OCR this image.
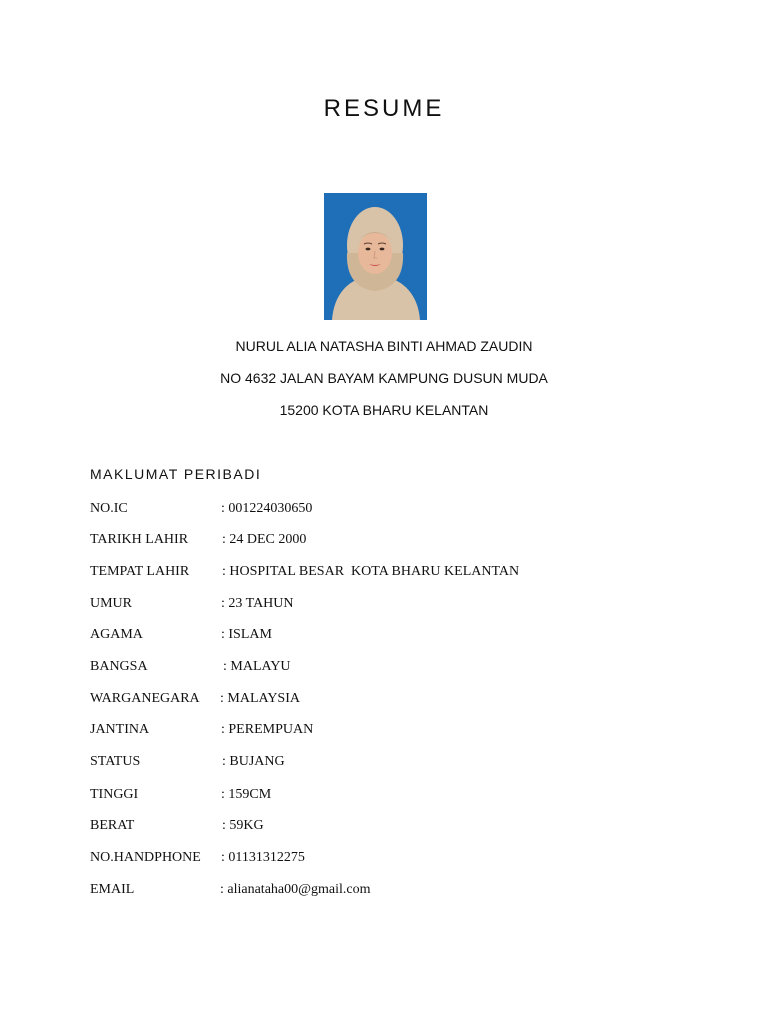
RESUME
NURUL ALIA NATASHA BINTI AHMAD ZAUDIN
NO 4632 JALAN BAYAM KAMPUNG DUSUN MUDA
15200 KOTA BHARU KELANTAN
MAKLUMAT PERIBADI
NO.IC	: 001224030650
TARIKH LAHIR : 24 DEC 2000
TEMPAT LAHIR : HOSPITAL BESAR  KOTA BHARU KELANTAN
UMUR	: 23 TAHUN
AGAMA	: ISLAM
BANGSA	: MALAYU
WARGANEGARA : MALAYSIA
JANTINA	: PEREMPUAN
STATUS	: BUJANG
TINGGI	: 159CM
BERAT	: 59KG
NO.HANDPHONE : 01131312275
EMAIL	: alianataha00@gmail.com
